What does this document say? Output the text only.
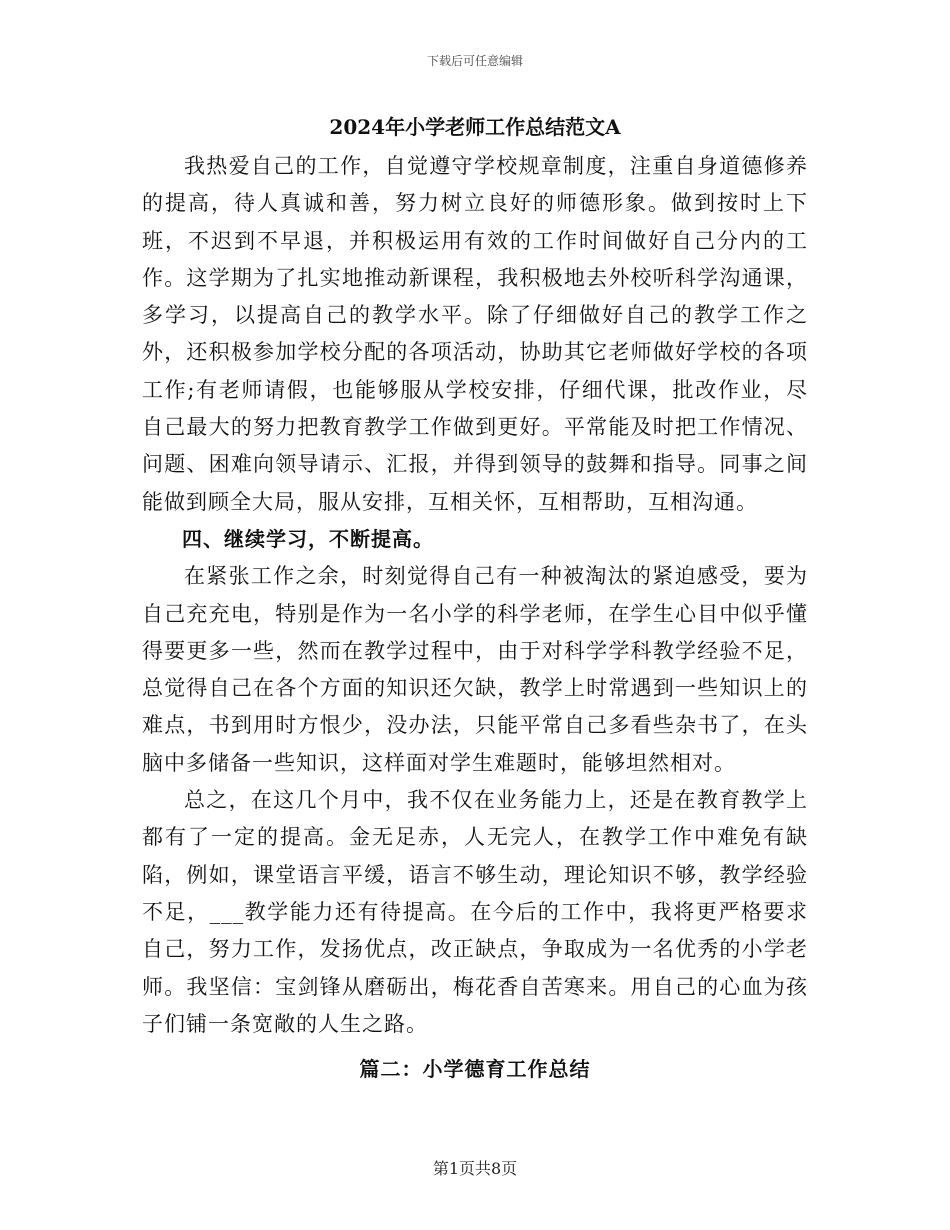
下载后可任意编辑
2024年小学老师工作总结范文A

我热爱自己的工作，自觉遵守学校规章制度，注重自身道德修养的提高，待人真诚和善，努力树立良好的师德形象。做到按时上下班，不迟到不早退，并积极运用有效的工作时间做好自己分内的工作。这学期为了扎实地推动新课程，我积极地去外校听科学沟通课，多学习，以提高自己的教学水平。除了仔细做好自己的教学工作之外，还积极参加学校分配的各项活动，协助其它老师做好学校的各项工作;有老师请假，也能够服从学校安排，仔细代课，批改作业，尽自己最大的努力把教育教学工作做到更好。平常能及时把工作情况、问题、困难向领导请示、汇报，并得到领导的鼓舞和指导。同事之间能做到顾全大局，服从安排，互相关怀，互相帮助，互相沟通。

四、继续学习，不断提高。

在紧张工作之余，时刻觉得自己有一种被淘汰的紧迫感受，要为自己充充电，特别是作为一名小学的科学老师，在学生心目中似乎懂得要更多一些，然而在教学过程中，由于对科学学科教学经验不足，总觉得自己在各个方面的知识还欠缺，教学上时常遇到一些知识上的难点，书到用时方恨少，没办法，只能平常自己多看些杂书了，在头脑中多储备一些知识，这样面对学生难题时，能够坦然相对。

总之，在这几个月中，我不仅在业务能力上，还是在教育教学上都有了一定的提高。金无足赤，人无完人，在教学工作中难免有缺陷，例如，课堂语言平缓，语言不够生动，理论知识不够，教学经验不足，___教学能力还有待提高。在今后的工作中，我将更严格要求自己，努力工作，发扬优点，改正缺点，争取成为一名优秀的小学老师。我坚信：宝剑锋从磨砺出，梅花香自苦寒来。用自己的心血为孩子们铺一条宽敞的人生之路。

篇二：小学德育工作总结
第1页共8页
